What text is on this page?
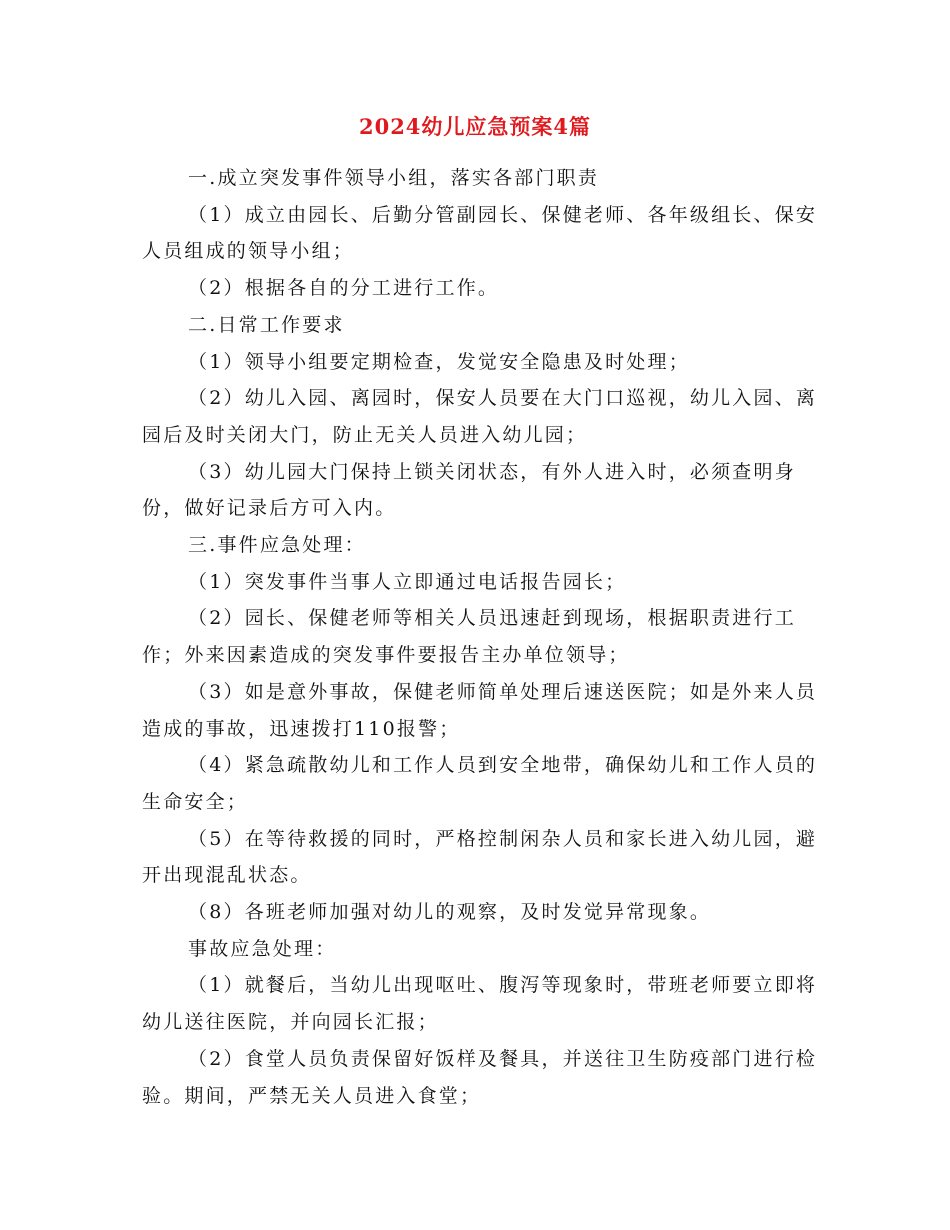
2024幼儿应急预案4篇

一.成立突发事件领导小组，落实各部门职责

（1）成立由园长、后勤分管副园长、保健老师、各年级组长、保安人员组成的领导小组；

（2）根据各自的分工进行工作。

二.日常工作要求

（1）领导小组要定期检查，发觉安全隐患及时处理；

（2）幼儿入园、离园时，保安人员要在大门口巡视，幼儿入园、离园后及时关闭大门，防止无关人员进入幼儿园；

（3）幼儿园大门保持上锁关闭状态，有外人进入时，必须查明身份，做好记录后方可入内。

三.事件应急处理：

（1）突发事件当事人立即通过电话报告园长；

（2）园长、保健老师等相关人员迅速赶到现场，根据职责进行工作；外来因素造成的突发事件要报告主办单位领导；

（3）如是意外事故，保健老师简单处理后速送医院；如是外来人员造成的事故，迅速拨打110报警；

（4）紧急疏散幼儿和工作人员到安全地带，确保幼儿和工作人员的生命安全；

（5）在等待救援的同时，严格控制闲杂人员和家长进入幼儿园，避开出现混乱状态。

（8）各班老师加强对幼儿的观察，及时发觉异常现象。

事故应急处理：

（1）就餐后，当幼儿出现呕吐、腹泻等现象时，带班老师要立即将幼儿送往医院，并向园长汇报；

（2）食堂人员负责保留好饭样及餐具，并送往卫生防疫部门进行检验。期间，严禁无关人员进入食堂；
